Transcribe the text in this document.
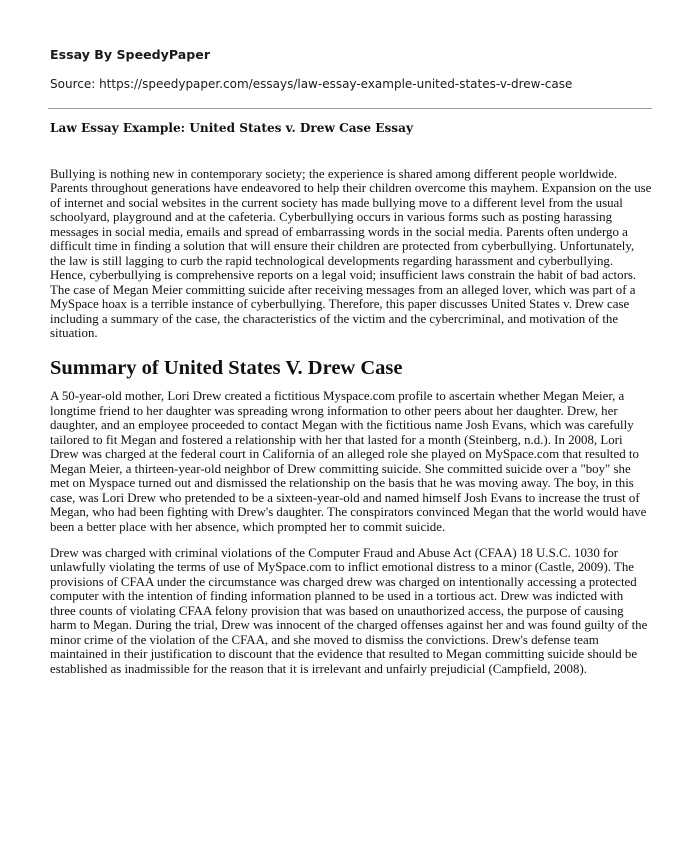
Essay By SpeedyPaper
Source: https://speedypaper.com/essays/law-essay-example-united-states-v-drew-case
Law Essay Example: United States v. Drew Case Essay

Bullying is nothing new in contemporary society; the experience is shared among different people worldwide. Parents throughout generations have endeavored to help their children overcome this mayhem. Expansion on the use of internet and social websites in the current society has made bullying move to a different level from the usual schoolyard, playground and at the cafeteria. Cyberbullying occurs in various forms such as posting harassing messages in social media, emails and spread of embarrassing words in the social media. Parents often undergo a difficult time in finding a solution that will ensure their children are protected from cyberbullying. Unfortunately, the law is still lagging to curb the rapid technological developments regarding harassment and cyberbullying. Hence, cyberbullying is comprehensive reports on a legal void; insufficient laws constrain the habit of bad actors. The case of Megan Meier committing suicide after receiving messages from an alleged lover, which was part of a MySpace hoax is a terrible instance of cyberbullying. Therefore, this paper discusses United States v. Drew case including a summary of the case, the characteristics of the victim and the cybercriminal, and motivation of the situation.

Summary of United States V. Drew Case

A 50-year-old mother, Lori Drew created a fictitious Myspace.com profile to ascertain whether Megan Meier, a longtime friend to her daughter was spreading wrong information to other peers about her daughter. Drew, her daughter, and an employee proceeded to contact Megan with the fictitious name Josh Evans, which was carefully tailored to fit Megan and fostered a relationship with her that lasted for a month (Steinberg, n.d.). In 2008, Lori Drew was charged at the federal court in California of an alleged role she played on MySpace.com that resulted to Megan Meier, a thirteen-year-old neighbor of Drew committing suicide. She committed suicide over a "boy" she met on Myspace turned out and dismissed the relationship on the basis that he was moving away. The boy, in this case, was Lori Drew who pretended to be a sixteen-year-old and named himself Josh Evans to increase the trust of Megan, who had been fighting with Drew's daughter. The conspirators convinced Megan that the world would have been a better place with her absence, which prompted her to commit suicide.

Drew was charged with criminal violations of the Computer Fraud and Abuse Act (CFAA) 18 U.S.C. 1030 for unlawfully violating the terms of use of MySpace.com to inflict emotional distress to a minor (Castle, 2009). The provisions of CFAA under the circumstance was charged drew was charged on intentionally accessing a protected computer with the intention of finding information planned to be used in a tortious act. Drew was indicted with three counts of violating CFAA felony provision that was based on unauthorized access, the purpose of causing harm to Megan. During the trial, Drew was innocent of the charged offenses against her and was found guilty of the minor crime of the violation of the CFAA, and she moved to dismiss the convictions. Drew's defense team maintained in their justification to discount that the evidence that resulted to Megan committing suicide should be established as inadmissible for the reason that it is irrelevant and unfairly prejudicial (Campfield, 2008).
